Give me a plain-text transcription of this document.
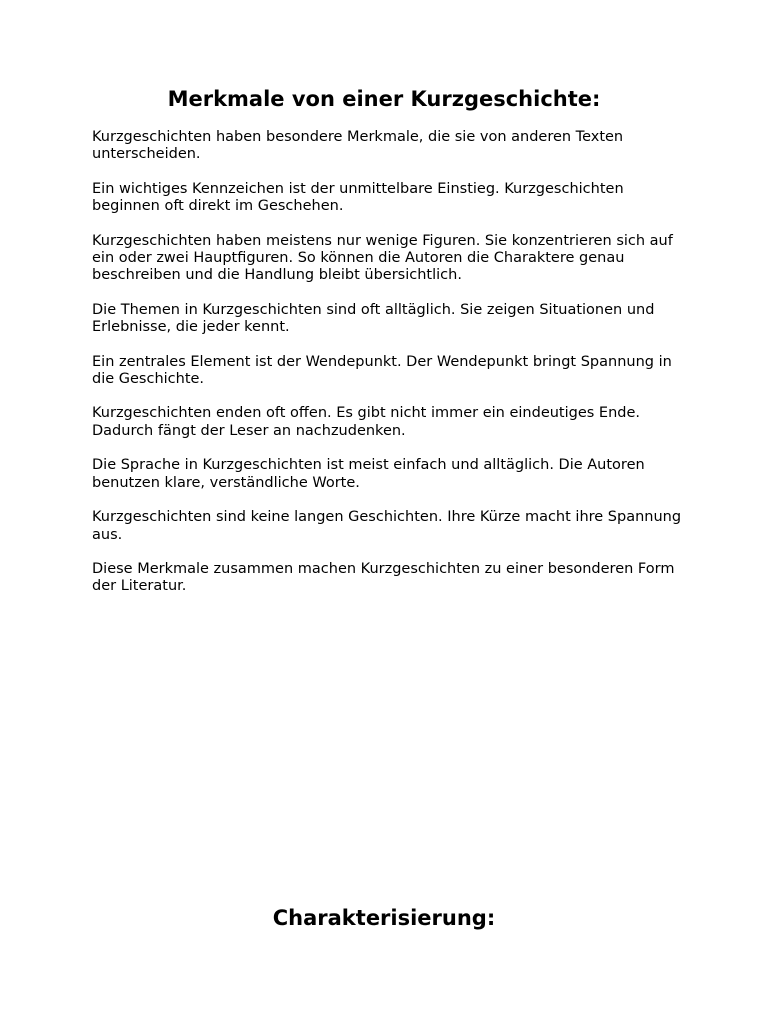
Merkmale von einer Kurzgeschichte:

Kurzgeschichten haben besondere Merkmale, die sie von anderen Texten unterscheiden.

Ein wichtiges Kennzeichen ist der unmittelbare Einstieg. Kurzgeschichten beginnen oft direkt im Geschehen.

Kurzgeschichten haben meistens nur wenige Figuren. Sie konzentrieren sich auf ein oder zwei Hauptfiguren. So können die Autoren die Charaktere genau beschreiben und die Handlung bleibt übersichtlich.

Die Themen in Kurzgeschichten sind oft alltäglich. Sie zeigen Situationen und Erlebnisse, die jeder kennt.

Ein zentrales Element ist der Wendepunkt. Der Wendepunkt bringt Spannung in die Geschichte.

Kurzgeschichten enden oft offen. Es gibt nicht immer ein eindeutiges Ende. Dadurch fängt der Leser an nachzudenken.

Die Sprache in Kurzgeschichten ist meist einfach und alltäglich. Die Autoren benutzen klare, verständliche Worte.

Kurzgeschichten sind keine langen Geschichten. Ihre Kürze macht ihre Spannung aus.

Diese Merkmale zusammen machen Kurzgeschichten zu einer besonderen Form der Literatur.

Charakterisierung:
